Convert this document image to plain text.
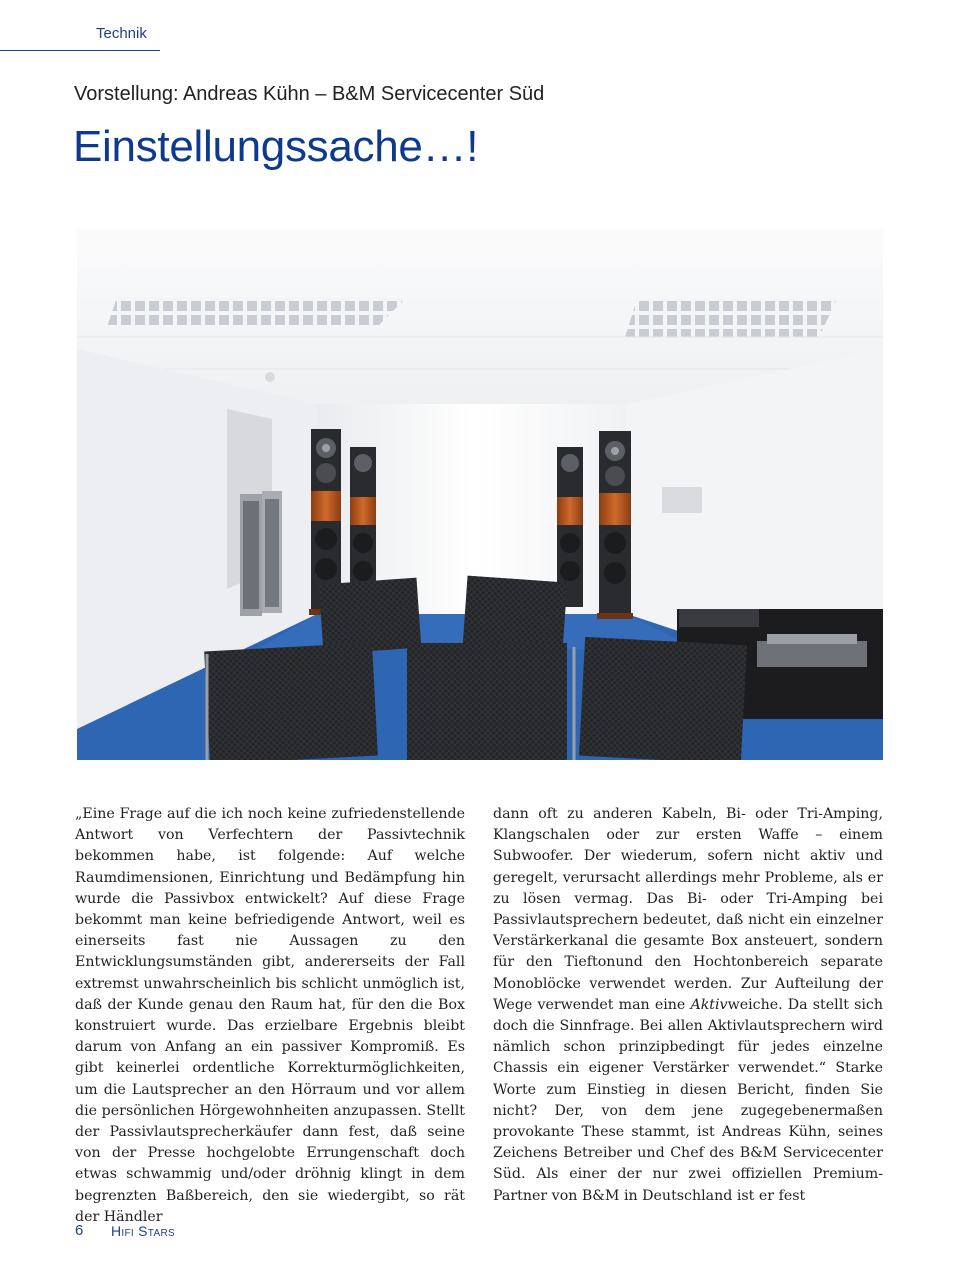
Technik
Vorstellung: Andreas Kühn – B&M Servicecenter Süd
Einstellungssache…!

„Eine Frage auf die ich noch keine zufriedenstellende Antwort von Verfechtern der Passivtechnik bekommen habe, ist folgende: Auf welche Raumdimensionen, Einrichtung und Bedämpfung hin wurde die Passivbox entwickelt? Auf diese Frage bekommt man keine befriedigende Antwort, weil es einerseits fast nie Aussagen zu den Entwicklungsumständen gibt, andererseits der Fall extremst unwahrscheinlich bis schlicht unmöglich ist, daß der Kunde genau den Raum hat, für den die Box konstruiert wurde. Das erzielbare Ergebnis bleibt darum von Anfang an ein passiver Kompromiß. Es gibt keinerlei ordentliche Korrekturmöglichkeiten, um die Lautsprecher an den Hörraum und vor allem die persönlichen Hörgewohnheiten anzupassen. Stellt der Passivlautsprecherkäufer dann fest, daß seine von der Presse hochgelobte Errungenschaft doch etwas schwammig und/oder dröhnig klingt in dem begrenzten Baßbereich, den sie wiedergibt, so rät der Händler

dann oft zu anderen Kabeln, Bi- oder Tri-Amping, Klangschalen oder zur ersten Waffe – einem Subwoofer. Der wiederum, sofern nicht aktiv und geregelt, verursacht allerdings mehr Probleme, als er zu lösen vermag. Das Bi- oder Tri-Amping bei Passivlautsprechern bedeutet, daß nicht ein einzelner Verstärkerkanal die gesamte Box ansteuert, sondern für den Tieftonund den Hochtonbereich separate Monoblöcke verwendet werden. Zur Aufteilung der Wege verwendet man eine Aktivweiche. Da stellt sich doch die Sinnfrage. Bei allen Aktivlautsprechern wird nämlich schon prinzipbedingt für jedes einzelne Chassis ein eigener Verstärker verwendet.“ Starke Worte zum Einstieg in diesen Bericht, finden Sie nicht? Der, von dem jene zugegebenermaßen provokante These stammt, ist Andreas Kühn, seines Zeichens Betreiber und Chef des B&M Servicecenter Süd. Als einer der nur zwei offiziellen Premium-Partner von B&M in Deutschland ist er fest

6 Hifi Stars
